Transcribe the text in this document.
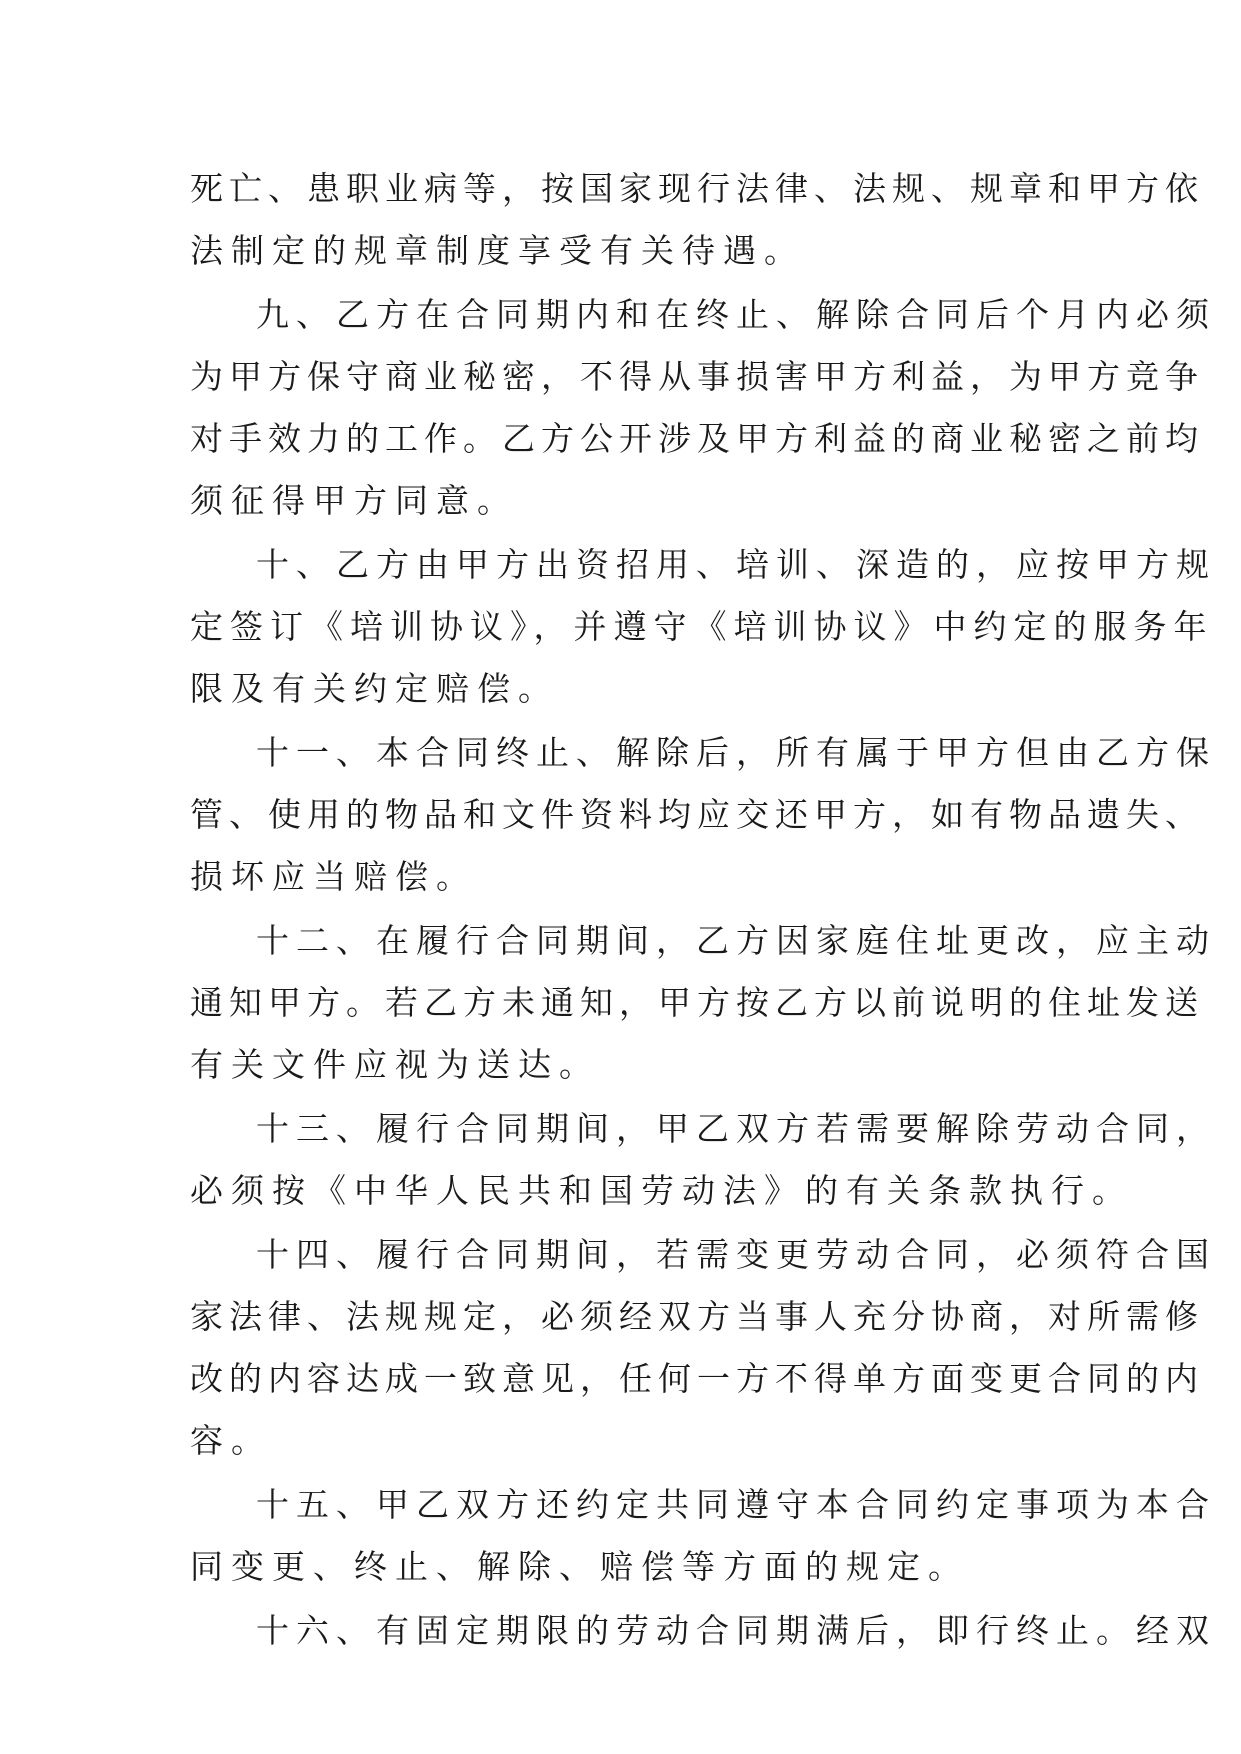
死亡、患职业病等，按国家现行法律、法规、规章和甲方依
法制定的规章制度享受有关待遇。
九、乙方在合同期内和在终止、解除合同后个月内必须
为甲方保守商业秘密，不得从事损害甲方利益，为甲方竞争
对手效力的工作。乙方公开涉及甲方利益的商业秘密之前均
须征得甲方同意。
十、乙方由甲方出资招用、培训、深造的，应按甲方规
定签订《培训协议》，并遵守《培训协议》中约定的服务年
限及有关约定赔偿。
十一、本合同终止、解除后，所有属于甲方但由乙方保
管、使用的物品和文件资料均应交还甲方，如有物品遗失、
损坏应当赔偿。
十二、在履行合同期间，乙方因家庭住址更改，应主动
通知甲方。若乙方未通知，甲方按乙方以前说明的住址发送
有关文件应视为送达。
十三、履行合同期间，甲乙双方若需要解除劳动合同，
必须按《中华人民共和国劳动法》的有关条款执行。
十四、履行合同期间，若需变更劳动合同，必须符合国
家法律、法规规定，必须经双方当事人充分协商，对所需修
改的内容达成一致意见，任何一方不得单方面变更合同的内
容。
十五、甲乙双方还约定共同遵守本合同约定事项为本合
同变更、终止、解除、赔偿等方面的规定。
十六、有固定期限的劳动合同期满后，即行终止。经双
